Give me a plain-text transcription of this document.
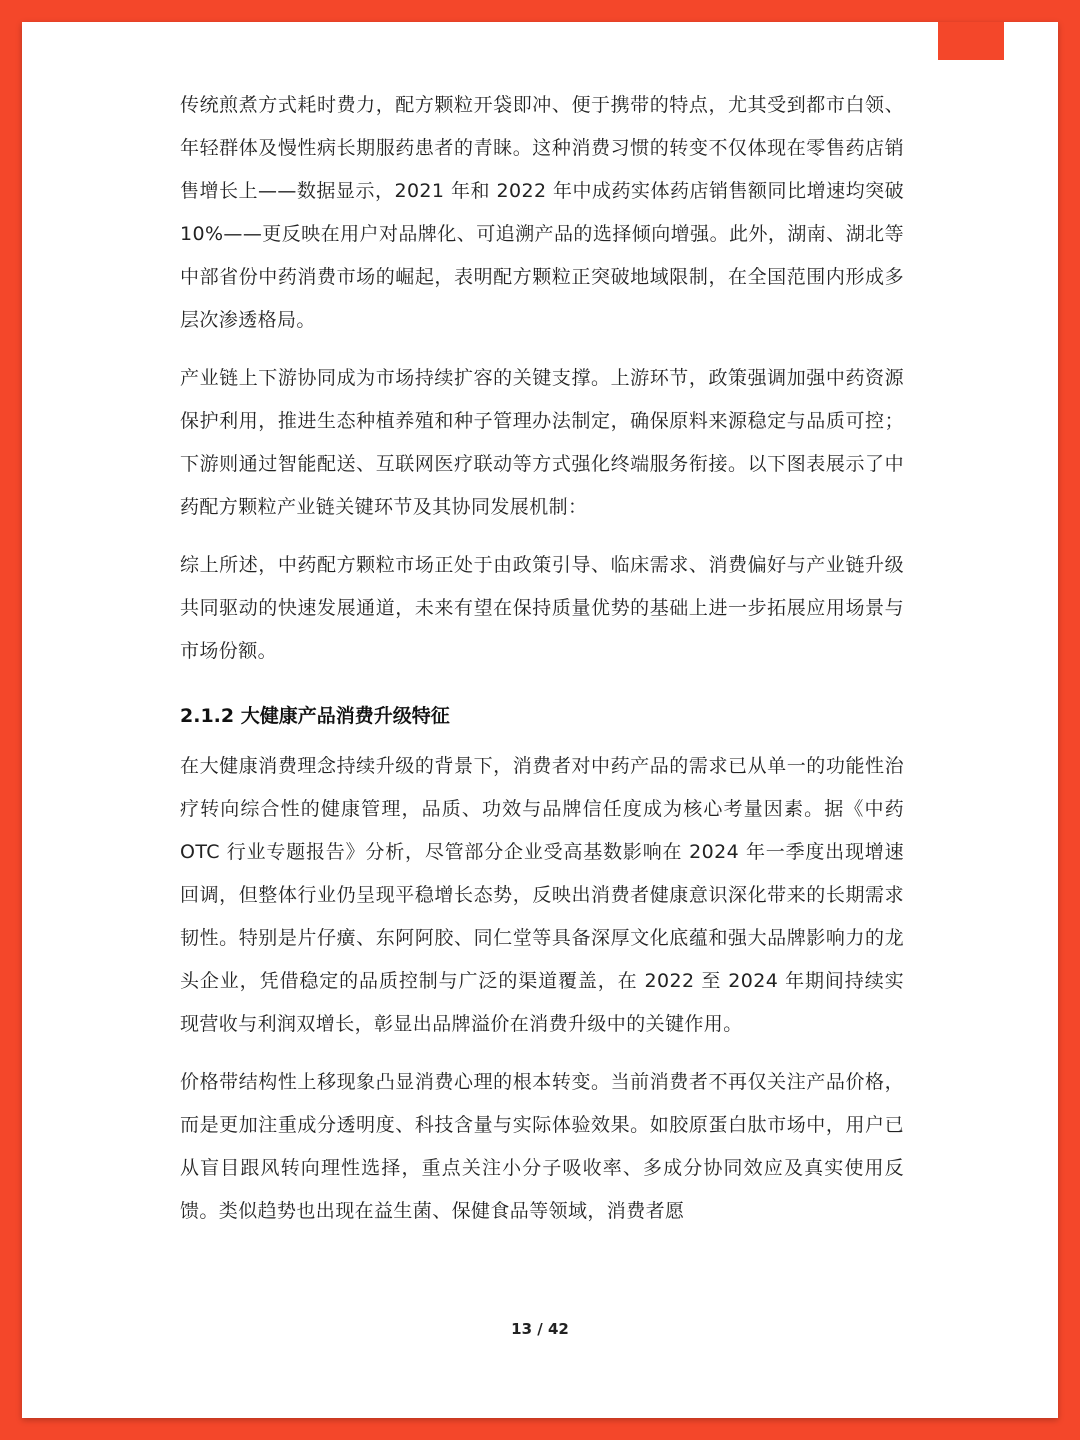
传统煎煮方式耗时费力，配方颗粒开袋即冲、便于携带的特点，尤其受到都市白领、年轻群体及慢性病长期服药患者的青睐。这种消费习惯的转变不仅体现在零售药店销售增长上——数据显示，2021 年和 2022 年中成药实体药店销售额同比增速均突破 10%——更反映在用户对品牌化、可追溯产品的选择倾向增强。此外，湖南、湖北等中部省份中药消费市场的崛起，表明配方颗粒正突破地域限制，在全国范围内形成多层次渗透格局。

产业链上下游协同成为市场持续扩容的关键支撑。上游环节，政策强调加强中药资源保护利用，推进生态种植养殖和种子管理办法制定，确保原料来源稳定与品质可控；下游则通过智能配送、互联网医疗联动等方式强化终端服务衔接。以下图表展示了中药配方颗粒产业链关键环节及其协同发展机制：

综上所述，中药配方颗粒市场正处于由政策引导、临床需求、消费偏好与产业链升级共同驱动的快速发展通道，未来有望在保持质量优势的基础上进一步拓展应用场景与市场份额。

2.1.2 大健康产品消费升级特征

在大健康消费理念持续升级的背景下，消费者对中药产品的需求已从单一的功能性治疗转向综合性的健康管理，品质、功效与品牌信任度成为核心考量因素。据《中药 OTC 行业专题报告》分析，尽管部分企业受高基数影响在 2024 年一季度出现增速回调，但整体行业仍呈现平稳增长态势，反映出消费者健康意识深化带来的长期需求韧性。特别是片仔癀、东阿阿胶、同仁堂等具备深厚文化底蕴和强大品牌影响力的龙头企业，凭借稳定的品质控制与广泛的渠道覆盖，在 2022 至 2024 年期间持续实现营收与利润双增长，彰显出品牌溢价在消费升级中的关键作用。

价格带结构性上移现象凸显消费心理的根本转变。当前消费者不再仅关注产品价格，而是更加注重成分透明度、科技含量与实际体验效果。如胶原蛋白肽市场中，用户已从盲目跟风转向理性选择，重点关注小分子吸收率、多成分协同效应及真实使用反馈。类似趋势也出现在益生菌、保健食品等领域，消费者愿

13 / 42
